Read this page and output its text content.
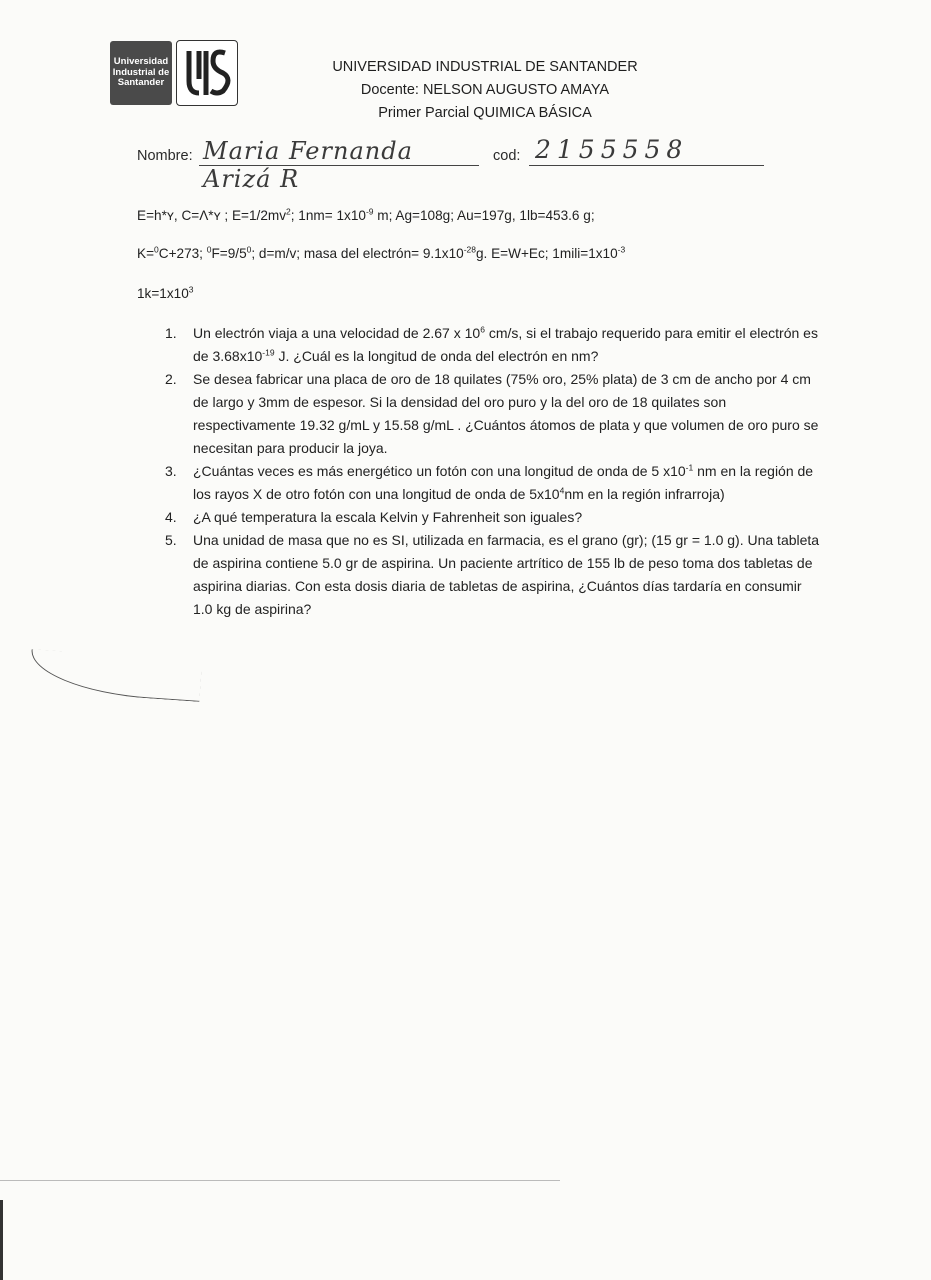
Universidad
Industrial de
Santander
UNIVERSIDAD INDUSTRIAL DE SANTANDER
Docente: NELSON AUGUSTO AMAYA
Primer Parcial QUIMICA BÁSICA
Nombre: Maria Fernanda Arizá R
cod: 2155558
E=h*ʏ, C=Λ*ʏ ; $E=1/2mv^2$; $1nm= 1x10^{-9}$ m; Ag=108g; Au=197g, 1lb=453.6 g;
K=$^0$C+273; $^0F=9/5^0$; d=m/v; masa del electrón= $9.1x10^{-28}g$. E=W+Ec; $1mili=1x10^{-3}$
$1k=1x10^3$
1. Un electrón viaja a una velocidad de 2.67 x $10^6$ cm/s, si el trabajo requerido para emitir el electrón es de $3.68x10^{-19}$ J. ¿Cuál es la longitud de onda del electrón en nm?
2. Se desea fabricar una placa de oro de 18 quilates (75% oro, 25% plata) de 3 cm de ancho por 4 cm de largo y 3mm de espesor. Si la densidad del oro puro y la del oro de 18 quilates son respectivamente 19.32 g/mL y 15.58 g/mL . ¿Cuántos átomos de plata y que volumen de oro puro se necesitan para producir la joya.
3. ¿Cuántas veces es más energético un fotón con una longitud de onda de 5 $x10^{-1}$ nm en la región de los rayos X de otro fotón con una longitud de onda de $5x10^4nm$ en la región infrarroja)
4. ¿A qué temperatura la escala Kelvin y Fahrenheit son iguales?
5. Una unidad de masa que no es SI, utilizada en farmacia, es el grano (gr); (15 gr = 1.0 g). Una tableta de aspirina contiene 5.0 gr de aspirina. Un paciente artrítico de 155 lb de peso toma dos tabletas de aspirina diarias. Con esta dosis diaria de tabletas de aspirina, ¿Cuántos días tardaría en consumir 1.0 kg de aspirina?
